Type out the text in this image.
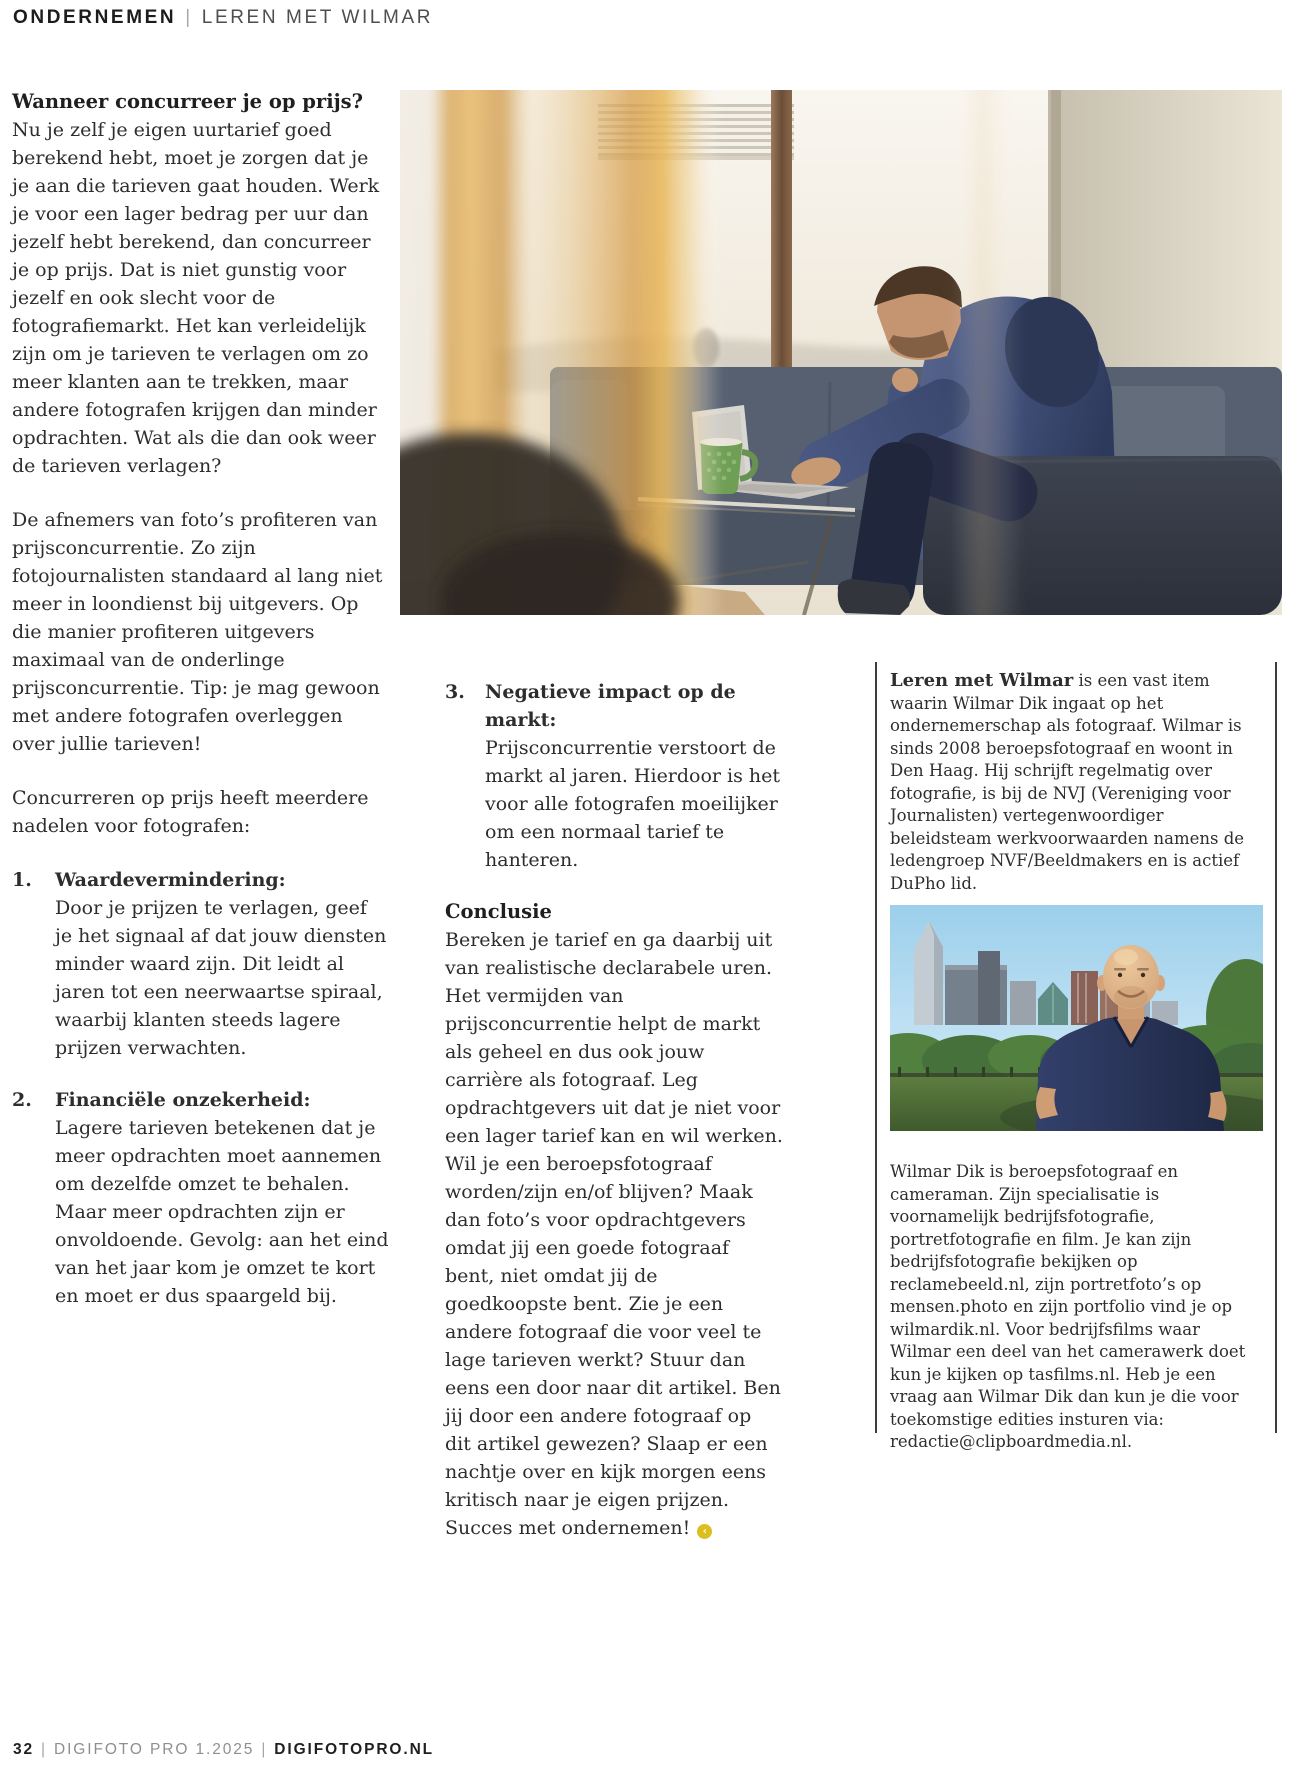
ONDERNEMEN | LEREN MET WILMAR
Wanneer concurreer je op prijs?

Nu je zelf je eigen uurtarief goed berekend hebt, moet je zorgen dat je je aan die tarieven gaat houden. Werk je voor een lager bedrag per uur dan jezelf hebt berekend, dan concurreer je op prijs. Dat is niet gunstig voor jezelf en ook slecht voor de fotografiemarkt. Het kan verleidelijk zijn om je tarieven te verlagen om zo meer klanten aan te trekken, maar andere fotografen krijgen dan minder opdrachten. Wat als die dan ook weer de tarieven verlagen?

De afnemers van foto’s profiteren van prijsconcurrentie. Zo zijn fotojournalisten standaard al lang niet meer in loondienst bij uitgevers. Op die manier profiteren uitgevers maximaal van de onderlinge prijsconcurrentie. Tip: je mag gewoon met andere fotografen overleggen over jullie tarieven!

Concurreren op prijs heeft meerdere nadelen voor fotografen:

1.	Waardevermindering:
Door je prijzen te verlagen, geef je het signaal af dat jouw diensten minder waard zijn. Dit leidt al jaren tot een neerwaartse spiraal, waarbij klanten steeds lagere prijzen verwachten.
2.	Financiële onzekerheid:
Lagere tarieven betekenen dat je meer opdrachten moet aannemen om dezelfde omzet te behalen. Maar meer opdrachten zijn er onvoldoende. Gevolg: aan het eind van het jaar kom je omzet te kort en moet er dus spaargeld bij.
3.	Negatieve impact op de markt:
Prijsconcurrentie verstoort de markt al jaren. Hierdoor is het voor alle fotografen moeilijker om een normaal tarief te hanteren.
Conclusie

Bereken je tarief en ga daarbij uit van realistische declarabele uren. Het vermijden van prijsconcurrentie helpt de markt als geheel en dus ook jouw carrière als fotograaf. Leg opdrachtgevers uit dat je niet voor een lager tarief kan en wil werken. Wil je een beroepsfotograaf worden/zijn en/of blijven? Maak dan foto’s voor opdrachtgevers omdat jij een goede fotograaf bent, niet omdat jij de goedkoopste bent. Zie je een andere fotograaf die voor veel te lage tarieven werkt? Stuur dan eens een door naar dit artikel. Ben jij door een andere fotograaf op dit artikel gewezen? Slaap er een nachtje over en kijk morgen eens kritisch naar je eigen prijzen. Succes met ondernemen! ‹

Leren met Wilmar is een vast item waarin Wilmar Dik ingaat op het ondernemerschap als fotograaf. Wilmar is sinds 2008 beroepsfotograaf en woont in Den Haag. Hij schrijft regelmatig over fotografie, is bij de NVJ (Vereniging voor Journalisten) vertegenwoordiger beleidsteam werkvoorwaarden namens de ledengroep NVF/Beeldmakers en is actief DuPho lid.

Wilmar Dik is beroepsfotograaf en cameraman. Zijn specialisatie is voornamelijk bedrijfsfotografie, portretfotografie en film. Je kan zijn bedrijfsfotografie bekijken op reclamebeeld.nl, zijn portretfoto’s op mensen.photo en zijn portfolio vind je op wilmardik.nl. Voor bedrijfsfilms waar Wilmar een deel van het camerawerk doet kun je kijken op tasfilms.nl. Heb je een vraag aan Wilmar Dik dan kun je die voor toekomstige edities insturen via: redactie@clipboardmedia.nl.

32 | DIGIFOTO PRO 1.2025 | DIGIFOTOPRO.NL
